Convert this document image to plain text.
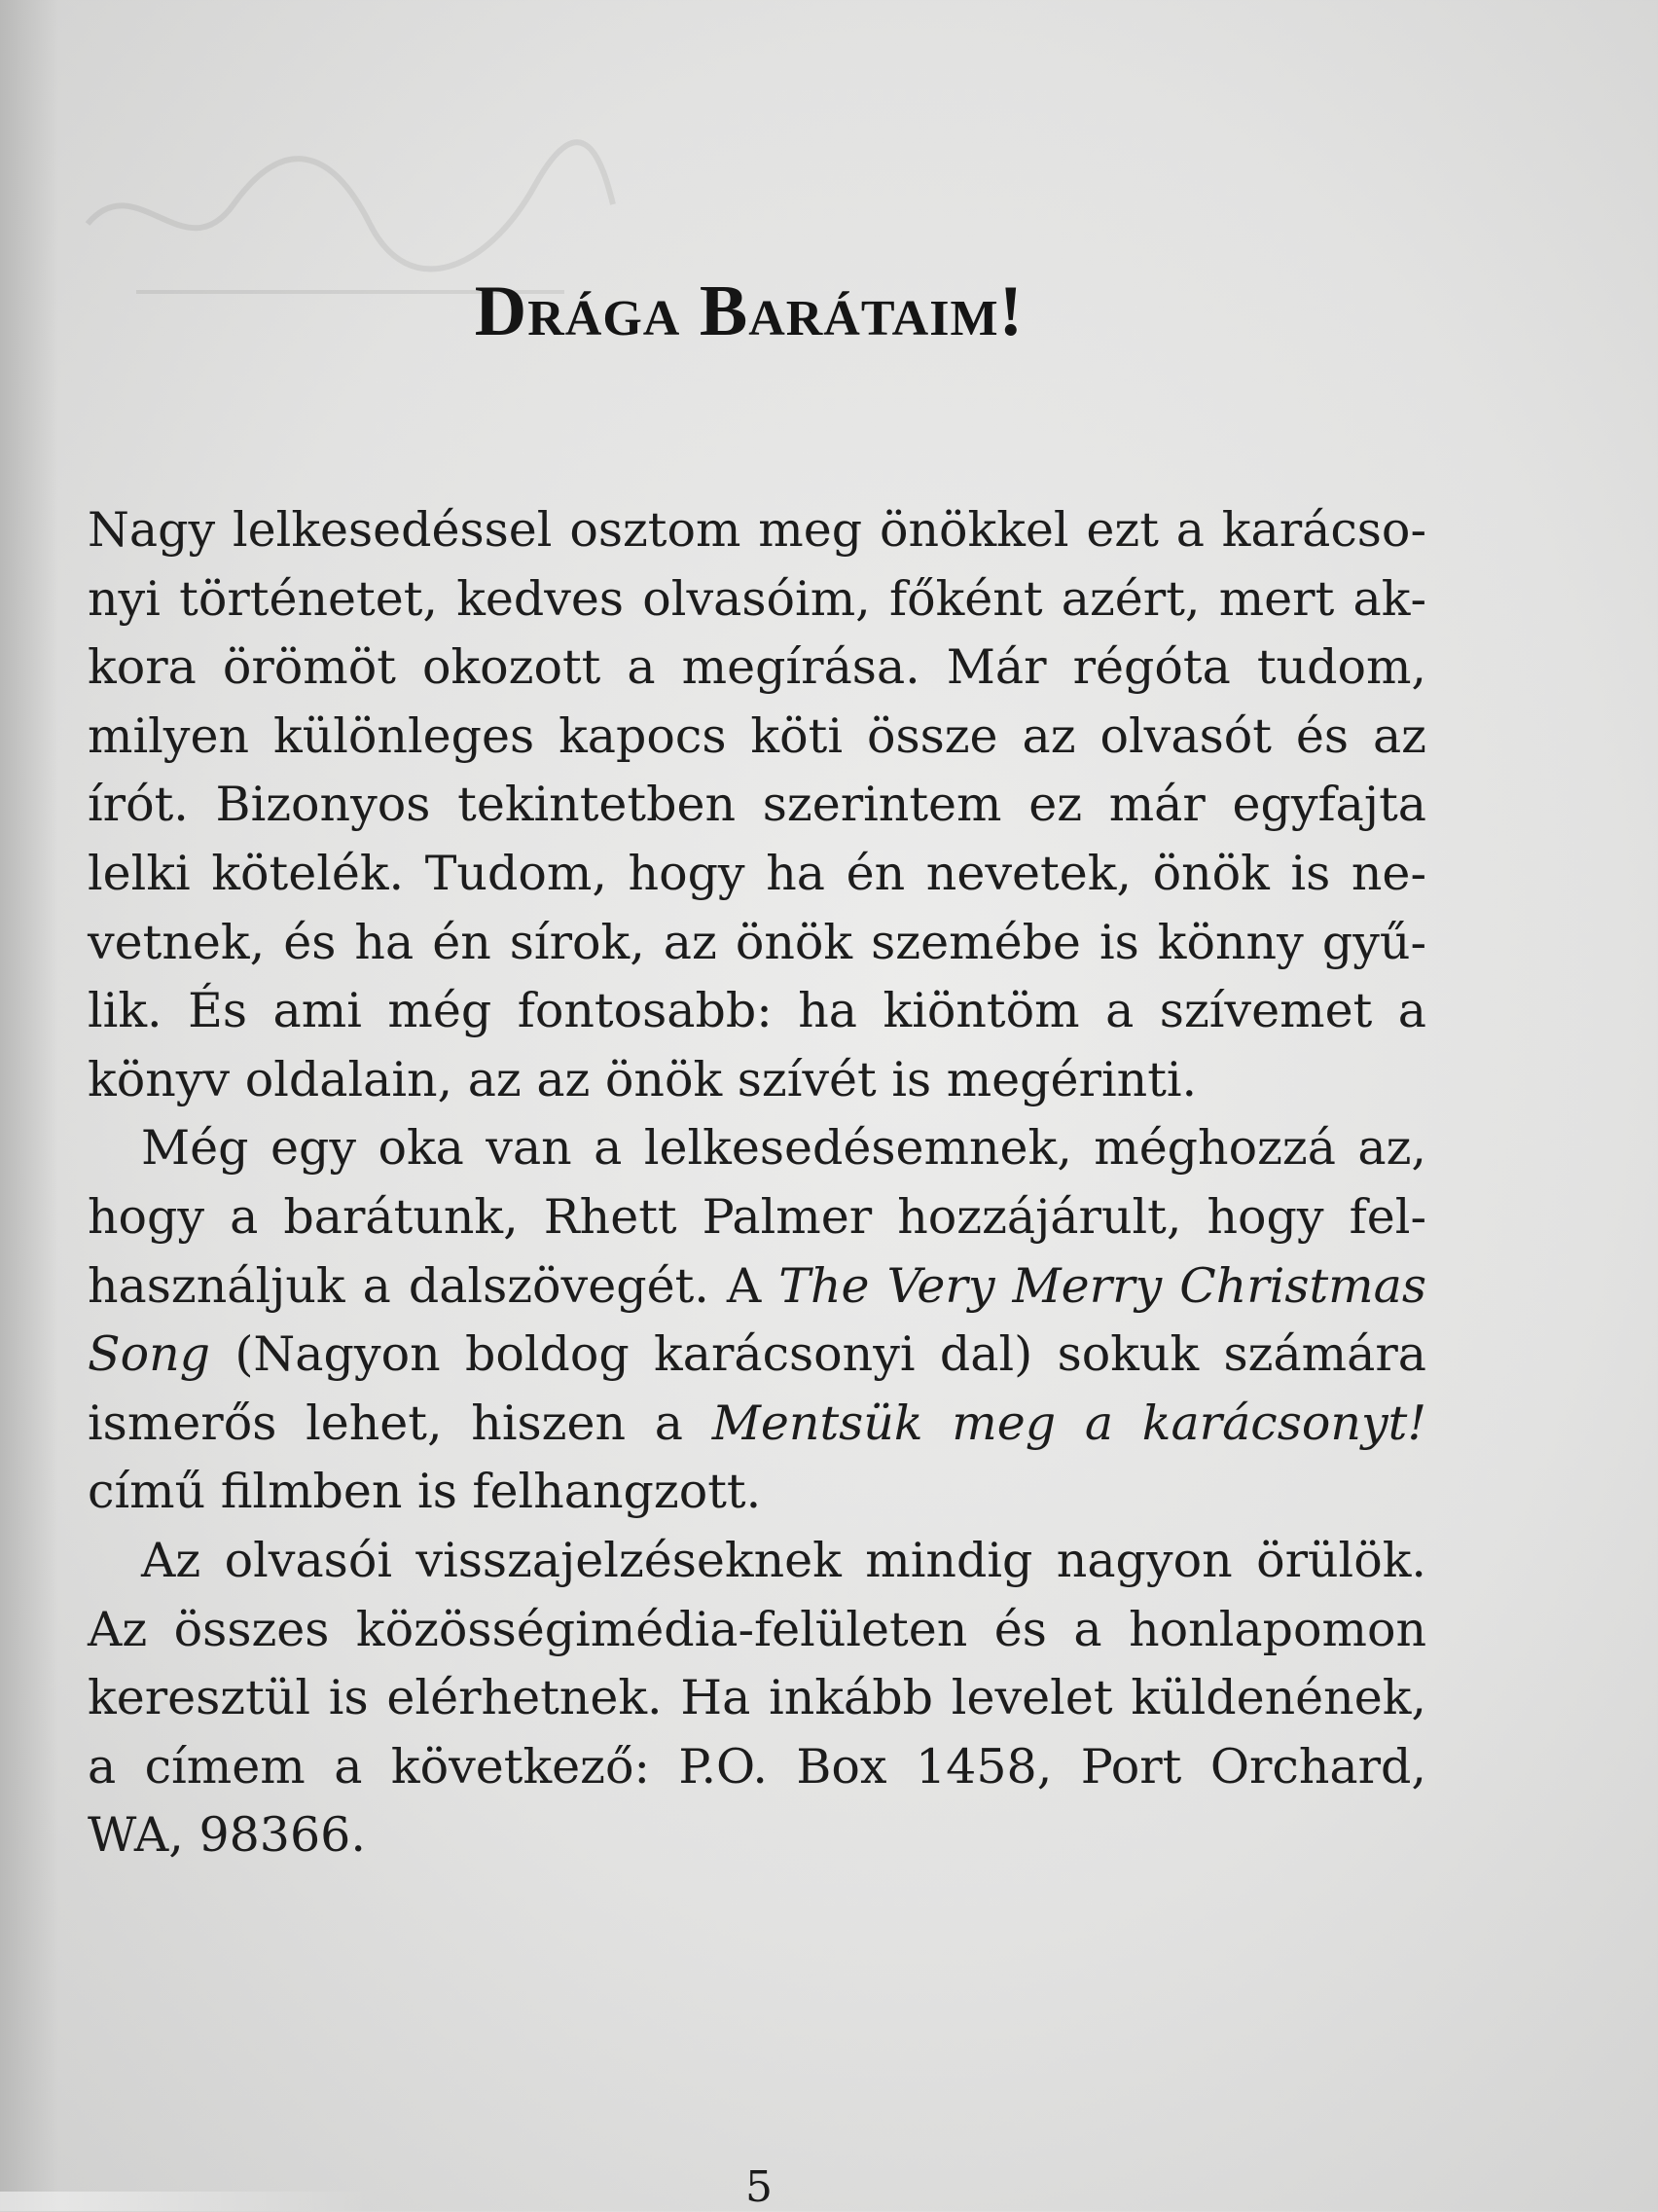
Drága Barátaim!

Nagy lelkesedéssel osztom meg önökkel ezt a karácsonyi történetet, kedves olvasóim, főként azért, mert akkora örömöt okozott a megírása. Már régóta tudom, milyen különleges kapocs köti össze az olvasót és az írót. Bizonyos tekintetben szerintem ez már egyfajta lelki kötelék. Tudom, hogy ha én nevetek, önök is nevetnek, és ha én sírok, az önök szemébe is könny gyűlik. És ami még fontosabb: ha kiöntöm a szívemet a könyv oldalain, az az önök szívét is megérinti.

Még egy oka van a lelkesedésemnek, méghozzá az, hogy a barátunk, Rhett Palmer hozzájárult, hogy felhasználjuk a dalszövegét. A The Very Merry Christmas Song (Nagyon boldog karácsonyi dal) sokuk számára ismerős lehet, hiszen a Mentsük meg a karácsonyt! című filmben is felhangzott.

Az olvasói visszajelzéseknek mindig nagyon örülök. Az összes közösségimédia-felületen és a honlapomon keresztül is elérhetnek. Ha inkább levelet küldenének, a címem a következő: P.O. Box 1458, Port Orchard, WA, 98366.

5
